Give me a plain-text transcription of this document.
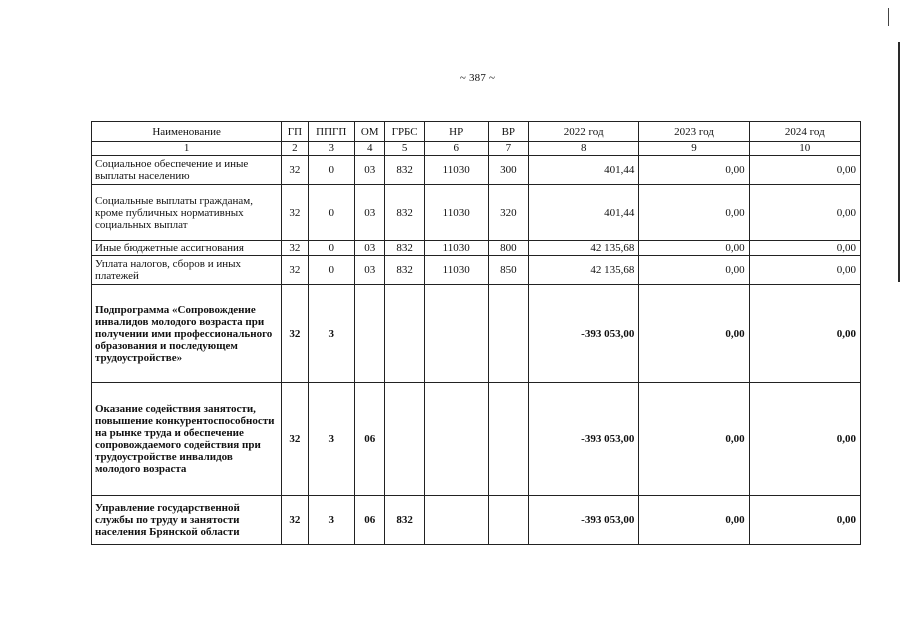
~ 387 ~
Наименование	ГП	ППГП	ОМ	ГРБС	НР	ВР	2022 год	2023 год	2024 год
1	2	3	4	5	6	7	8	9	10
Социальное обеспечение и иные выплаты населению	32	0	03	832	11030	300	401,44	0,00	0,00
Социальные выплаты гражданам, кроме публичных нормативных социальных выплат	32	0	03	832	11030	320	401,44	0,00	0,00
Иные бюджетные ассигнования	32	0	03	832	11030	800	42 135,68	0,00	0,00
Уплата налогов, сборов и иных платежей	32	0	03	832	11030	850	42 135,68	0,00	0,00
Подпрограмма «Сопровождение инвалидов молодого возраста при получении ими профессионального образования и последующем трудоустройстве»	32	3					-393 053,00	0,00	0,00
Оказание содействия занятости, повышение конкурентоспособности на рынке труда и обеспечение сопровождаемого содействия при трудоустройстве инвалидов молодого возраста	32	3	06				-393 053,00	0,00	0,00
Управление государственной службы по труду и занятости населения Брянской области	32	3	06	832			-393 053,00	0,00	0,00
